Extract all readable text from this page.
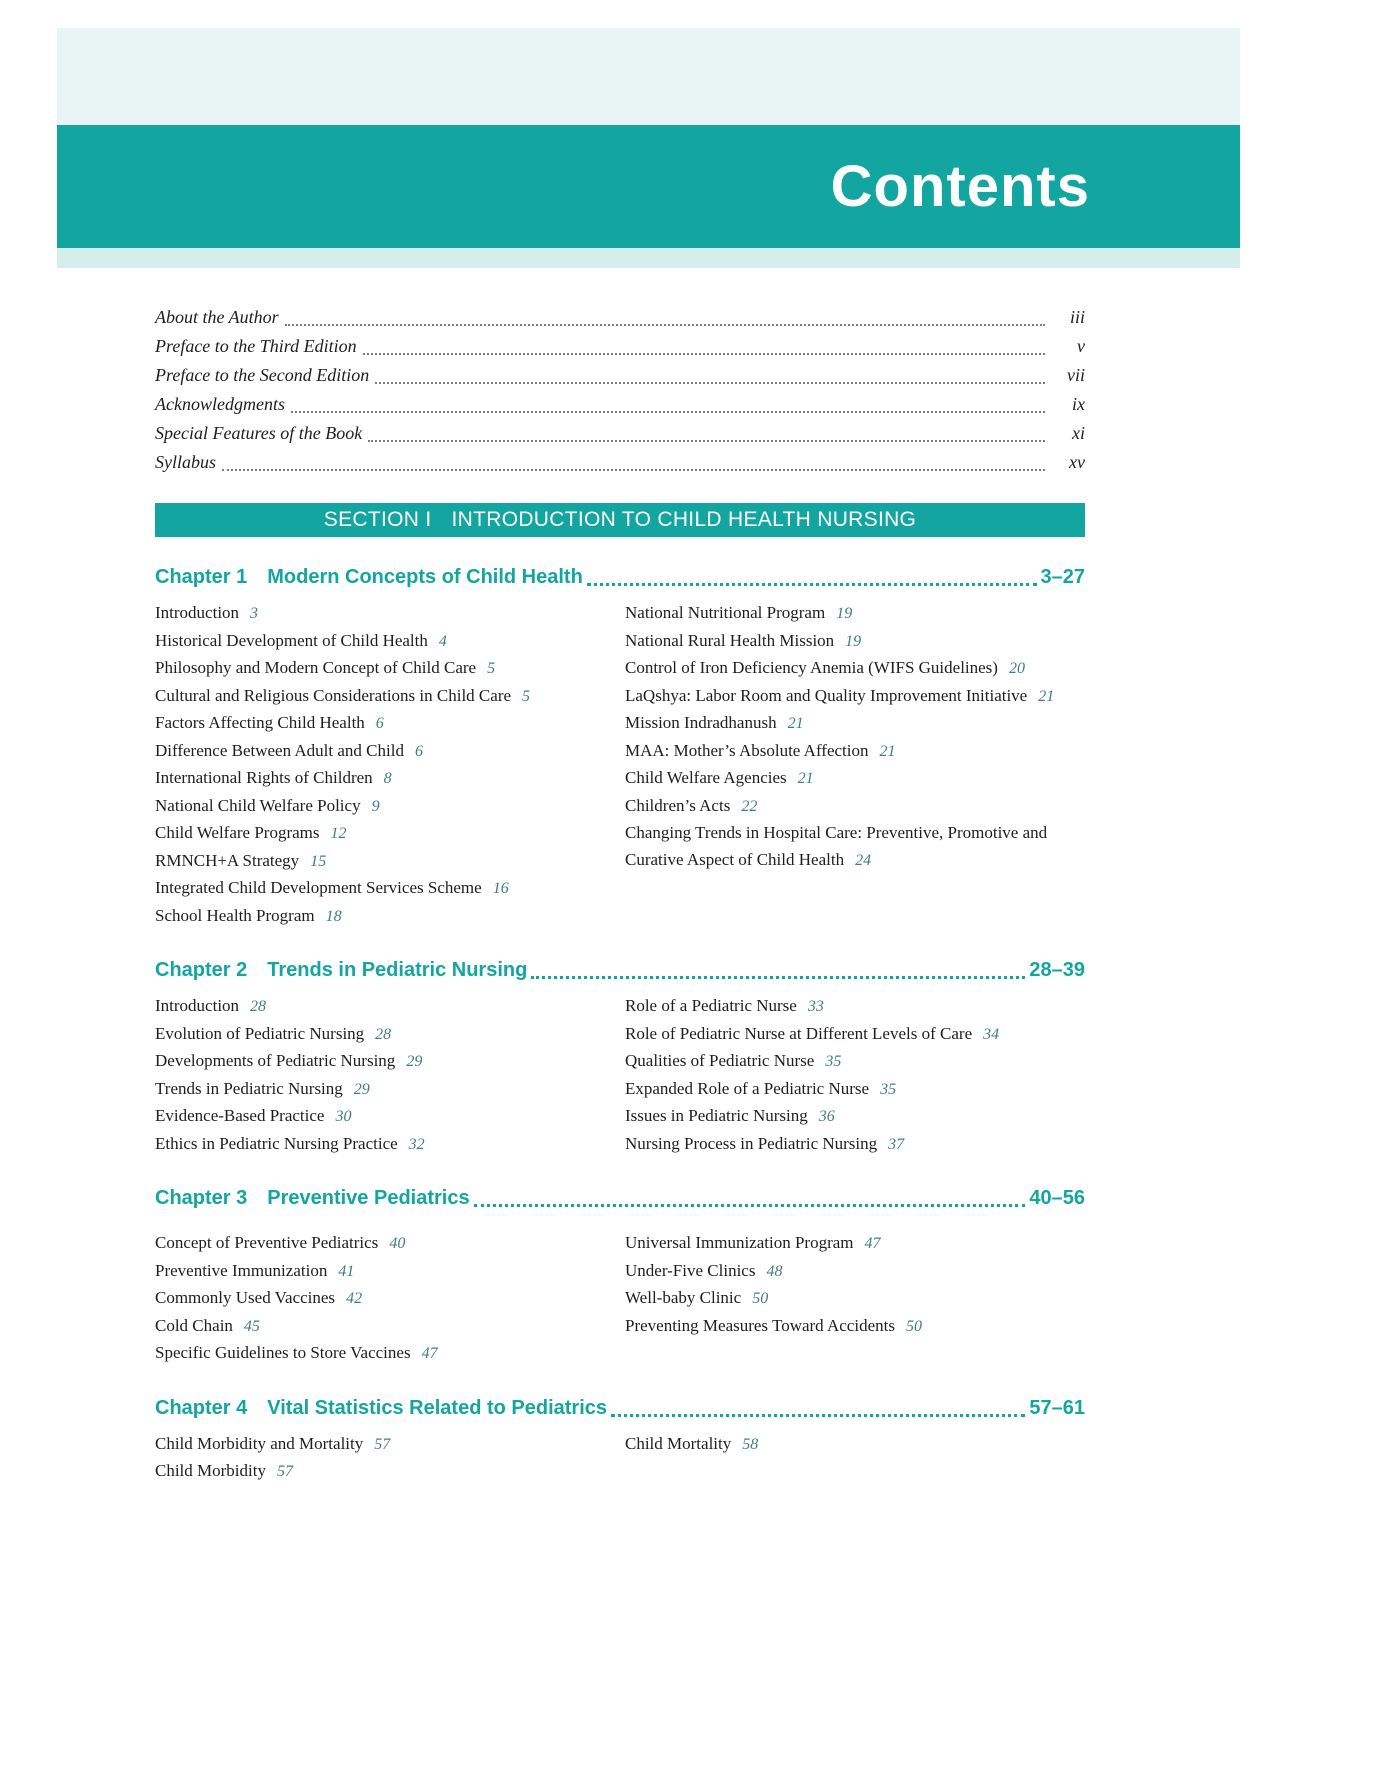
Contents
About the Author	iii
Preface to the Third Edition	v
Preface to the Second Edition	vii
Acknowledgments	ix
Special Features of the Book	xi
Syllabus	xv
SECTION I INTRODUCTION TO CHILD HEALTH NURSING
Chapter 1 Modern Concepts of Child Health	3–27
Introduction 3
Historical Development of Child Health 4
Philosophy and Modern Concept of Child Care 5
Cultural and Religious Considerations in Child Care 5
Factors Affecting Child Health 6
Difference Between Adult and Child 6
International Rights of Children 8
National Child Welfare Policy 9
Child Welfare Programs 12
RMNCH+A Strategy 15
Integrated Child Development Services Scheme 16
School Health Program 18
National Nutritional Program 19
National Rural Health Mission 19
Control of Iron Deficiency Anemia (WIFS Guidelines) 20
LaQshya: Labor Room and Quality Improvement Initiative 21
Mission Indradhanush 21
MAA: Mother’s Absolute Affection 21
Child Welfare Agencies 21
Children’s Acts 22
Changing Trends in Hospital Care: Preventive, Promotive and Curative Aspect of Child Health 24
Chapter 2 Trends in Pediatric Nursing	28–39
Introduction 28
Evolution of Pediatric Nursing 28
Developments of Pediatric Nursing 29
Trends in Pediatric Nursing 29
Evidence-Based Practice 30
Ethics in Pediatric Nursing Practice 32
Role of a Pediatric Nurse 33
Role of Pediatric Nurse at Different Levels of Care 34
Qualities of Pediatric Nurse 35
Expanded Role of a Pediatric Nurse 35
Issues in Pediatric Nursing 36
Nursing Process in Pediatric Nursing 37
Chapter 3 Preventive Pediatrics	40–56
Concept of Preventive Pediatrics 40
Preventive Immunization 41
Commonly Used Vaccines 42
Cold Chain 45
Specific Guidelines to Store Vaccines 47
Universal Immunization Program 47
Under-Five Clinics 48
Well-baby Clinic 50
Preventing Measures Toward Accidents 50
Chapter 4 Vital Statistics Related to Pediatrics	57–61
Child Morbidity and Mortality 57
Child Morbidity 57
Child Mortality 58
